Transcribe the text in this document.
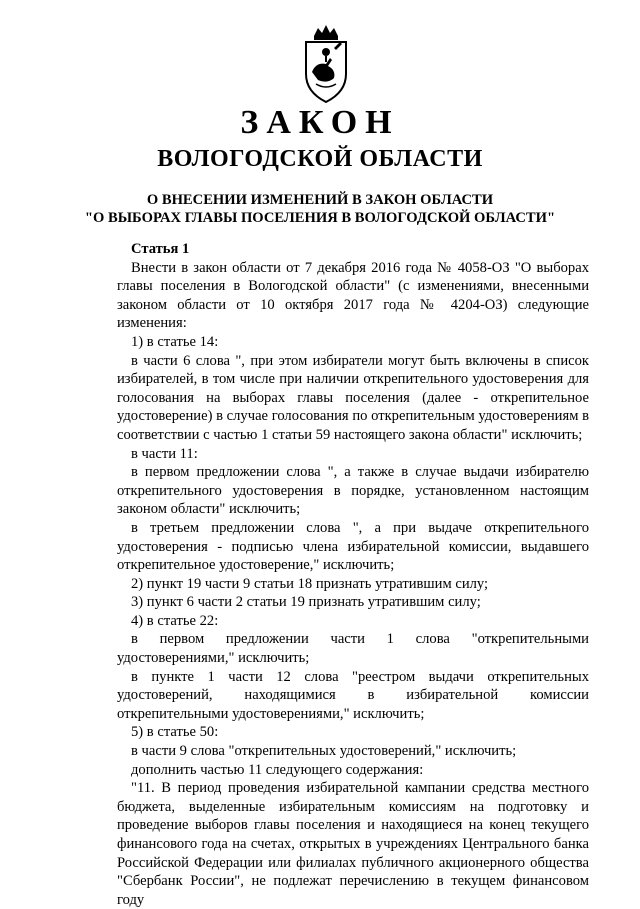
ЗАКОН
ВОЛОГОДСКОЙ ОБЛАСТИ
О ВНЕСЕНИИ ИЗМЕНЕНИЙ В ЗАКОН ОБЛАСТИ
"О ВЫБОРАХ ГЛАВЫ ПОСЕЛЕНИЯ В ВОЛОГОДСКОЙ ОБЛАСТИ"

Статья 1

Внести в закон области от 7 декабря 2016 года № 4058-ОЗ "О выборах главы поселения в Вологодской области" (с изменениями, внесенными законом области от 10 октября 2017 года № 4204-ОЗ) следующие изменения:

1) в статье 14:

в части 6 слова ", при этом избиратели могут быть включены в список избирателей, в том числе при наличии открепительного удостоверения для голосования на выборах главы поселения (далее - открепительное удостоверение) в случае голосования по открепительным удостоверениям в соответствии с частью 1 статьи 59 настоящего закона области" исключить;

в части 11:

в первом предложении слова ", а также в случае выдачи избирателю открепительного удостоверения в порядке, установленном настоящим законом области" исключить;

в третьем предложении слова ", а при выдаче открепительного удостоверения - подписью члена избирательной комиссии, выдавшего открепительное удостоверение," исключить;

2) пункт 19 части 9 статьи 18 признать утратившим силу;

3) пункт 6 части 2 статьи 19 признать утратившим силу;

4) в статье 22:

в первом предложении части 1 слова "открепительными удостоверениями," исключить;

в пункте 1 части 12 слова "реестром выдачи открепительных удостоверений, находящимися в избирательной комиссии открепительными удостоверениями," исключить;

5) в статье 50:

в части 9 слова "открепительных удостоверений," исключить;

дополнить частью 11 следующего содержания:

"11. В период проведения избирательной кампании средства местного бюджета, выделенные избирательным комиссиям на подготовку и проведение выборов главы поселения и находящиеся на конец текущего финансового года на счетах, открытых в учреждениях Центрального банка Российской Федерации или филиалах публичного акционерного общества "Сбербанк России", не подлежат перечислению в текущем финансовом году
